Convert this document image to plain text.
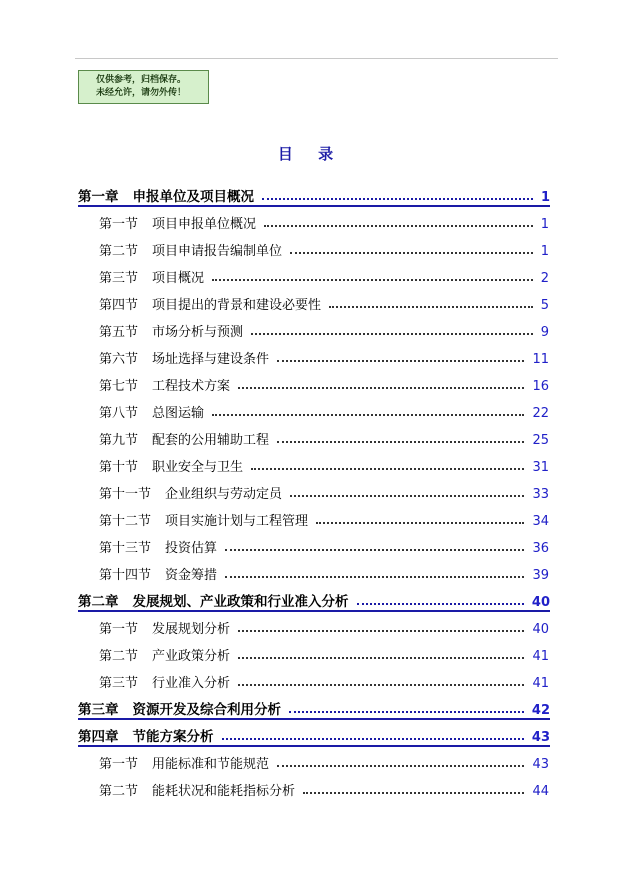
仅供参考，归档保存。
未经允许，请勿外传！
目 录
第一章 申报单位及项目概况	1
第一节 项目申报单位概况	1
第二节 项目申请报告编制单位	1
第三节 项目概况	2
第四节 项目提出的背景和建设必要性	5
第五节 市场分析与预测	9
第六节 场址选择与建设条件	11
第七节 工程技术方案	16
第八节 总图运输	22
第九节 配套的公用辅助工程	25
第十节 职业安全与卫生	31
第十一节 企业组织与劳动定员	33
第十二节 项目实施计划与工程管理	34
第十三节 投资估算	36
第十四节 资金筹措	39
第二章 发展规划、产业政策和行业准入分析	40
第一节 发展规划分析	40
第二节 产业政策分析	41
第三节 行业准入分析	41
第三章 资源开发及综合利用分析	42
第四章 节能方案分析	43
第一节 用能标准和节能规范	43
第二节 能耗状况和能耗指标分析	44
